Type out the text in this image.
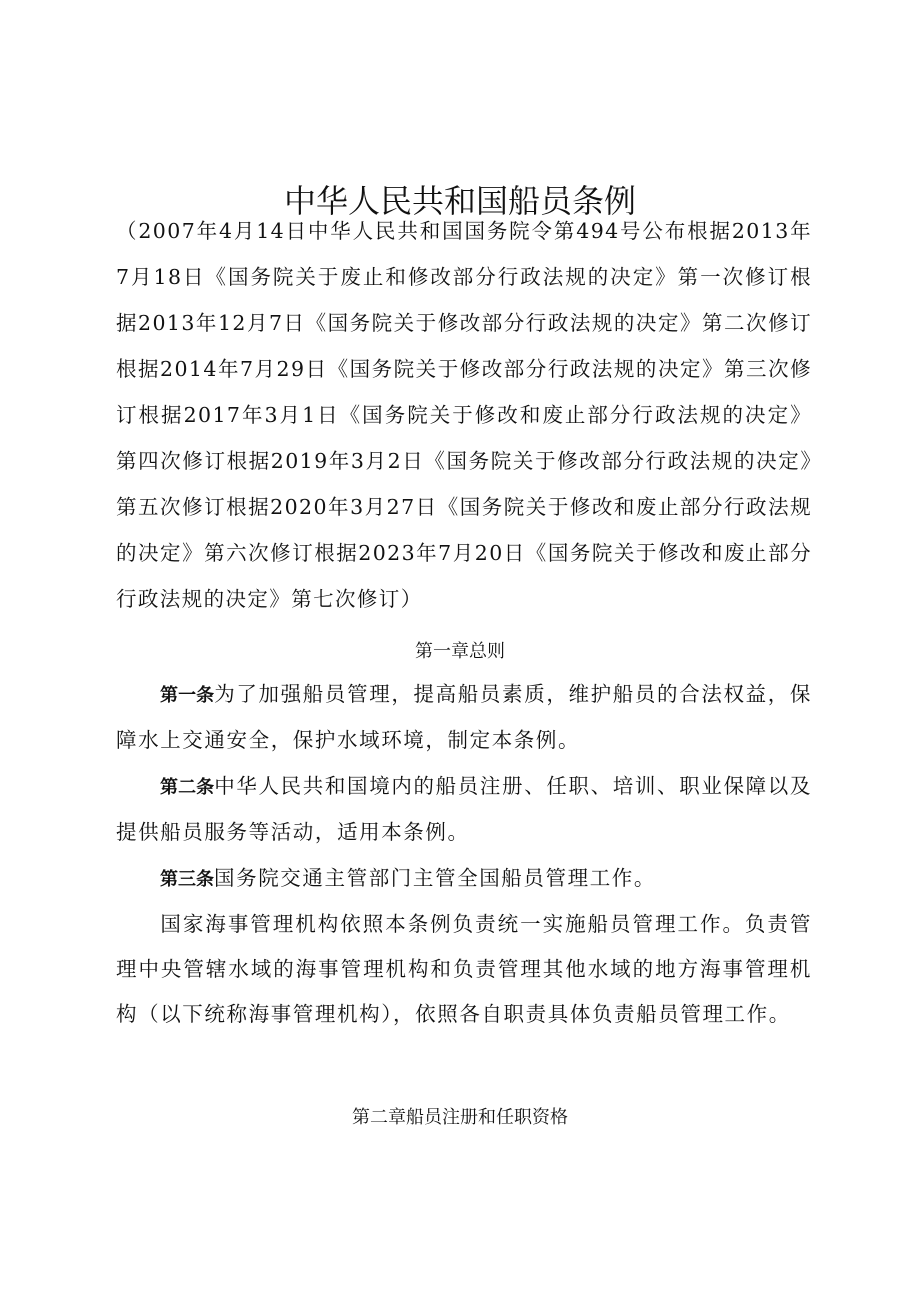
中华人民共和国船员条例

（2007年4月14日中华人民共和国国务院令第494号公布根据2013年7月18日《国务院关于废止和修改部分行政法规的决定》第一次修订根据2013年12月7日《国务院关于修改部分行政法规的决定》第二次修订根据2014年7月29日《国务院关于修改部分行政法规的决定》第三次修订根据2017年3月1日《国务院关于修改和废止部分行政法规的决定》第四次修订根据2019年3月2日《国务院关于修改部分行政法规的决定》第五次修订根据2020年3月27日《国务院关于修改和废止部分行政法规的决定》第六次修订根据2023年7月20日《国务院关于修改和废止部分行政法规的决定》第七次修订）

第一章总则

第一条为了加强船员管理，提高船员素质，维护船员的合法权益，保障水上交通安全，保护水域环境，制定本条例。

第二条中华人民共和国境内的船员注册、任职、培训、职业保障以及提供船员服务等活动，适用本条例。

第三条国务院交通主管部门主管全国船员管理工作。

国家海事管理机构依照本条例负责统一实施船员管理工作。负责管理中央管辖水域的海事管理机构和负责管理其他水域的地方海事管理机构（以下统称海事管理机构），依照各自职责具体负责船员管理工作。

第二章船员注册和任职资格
